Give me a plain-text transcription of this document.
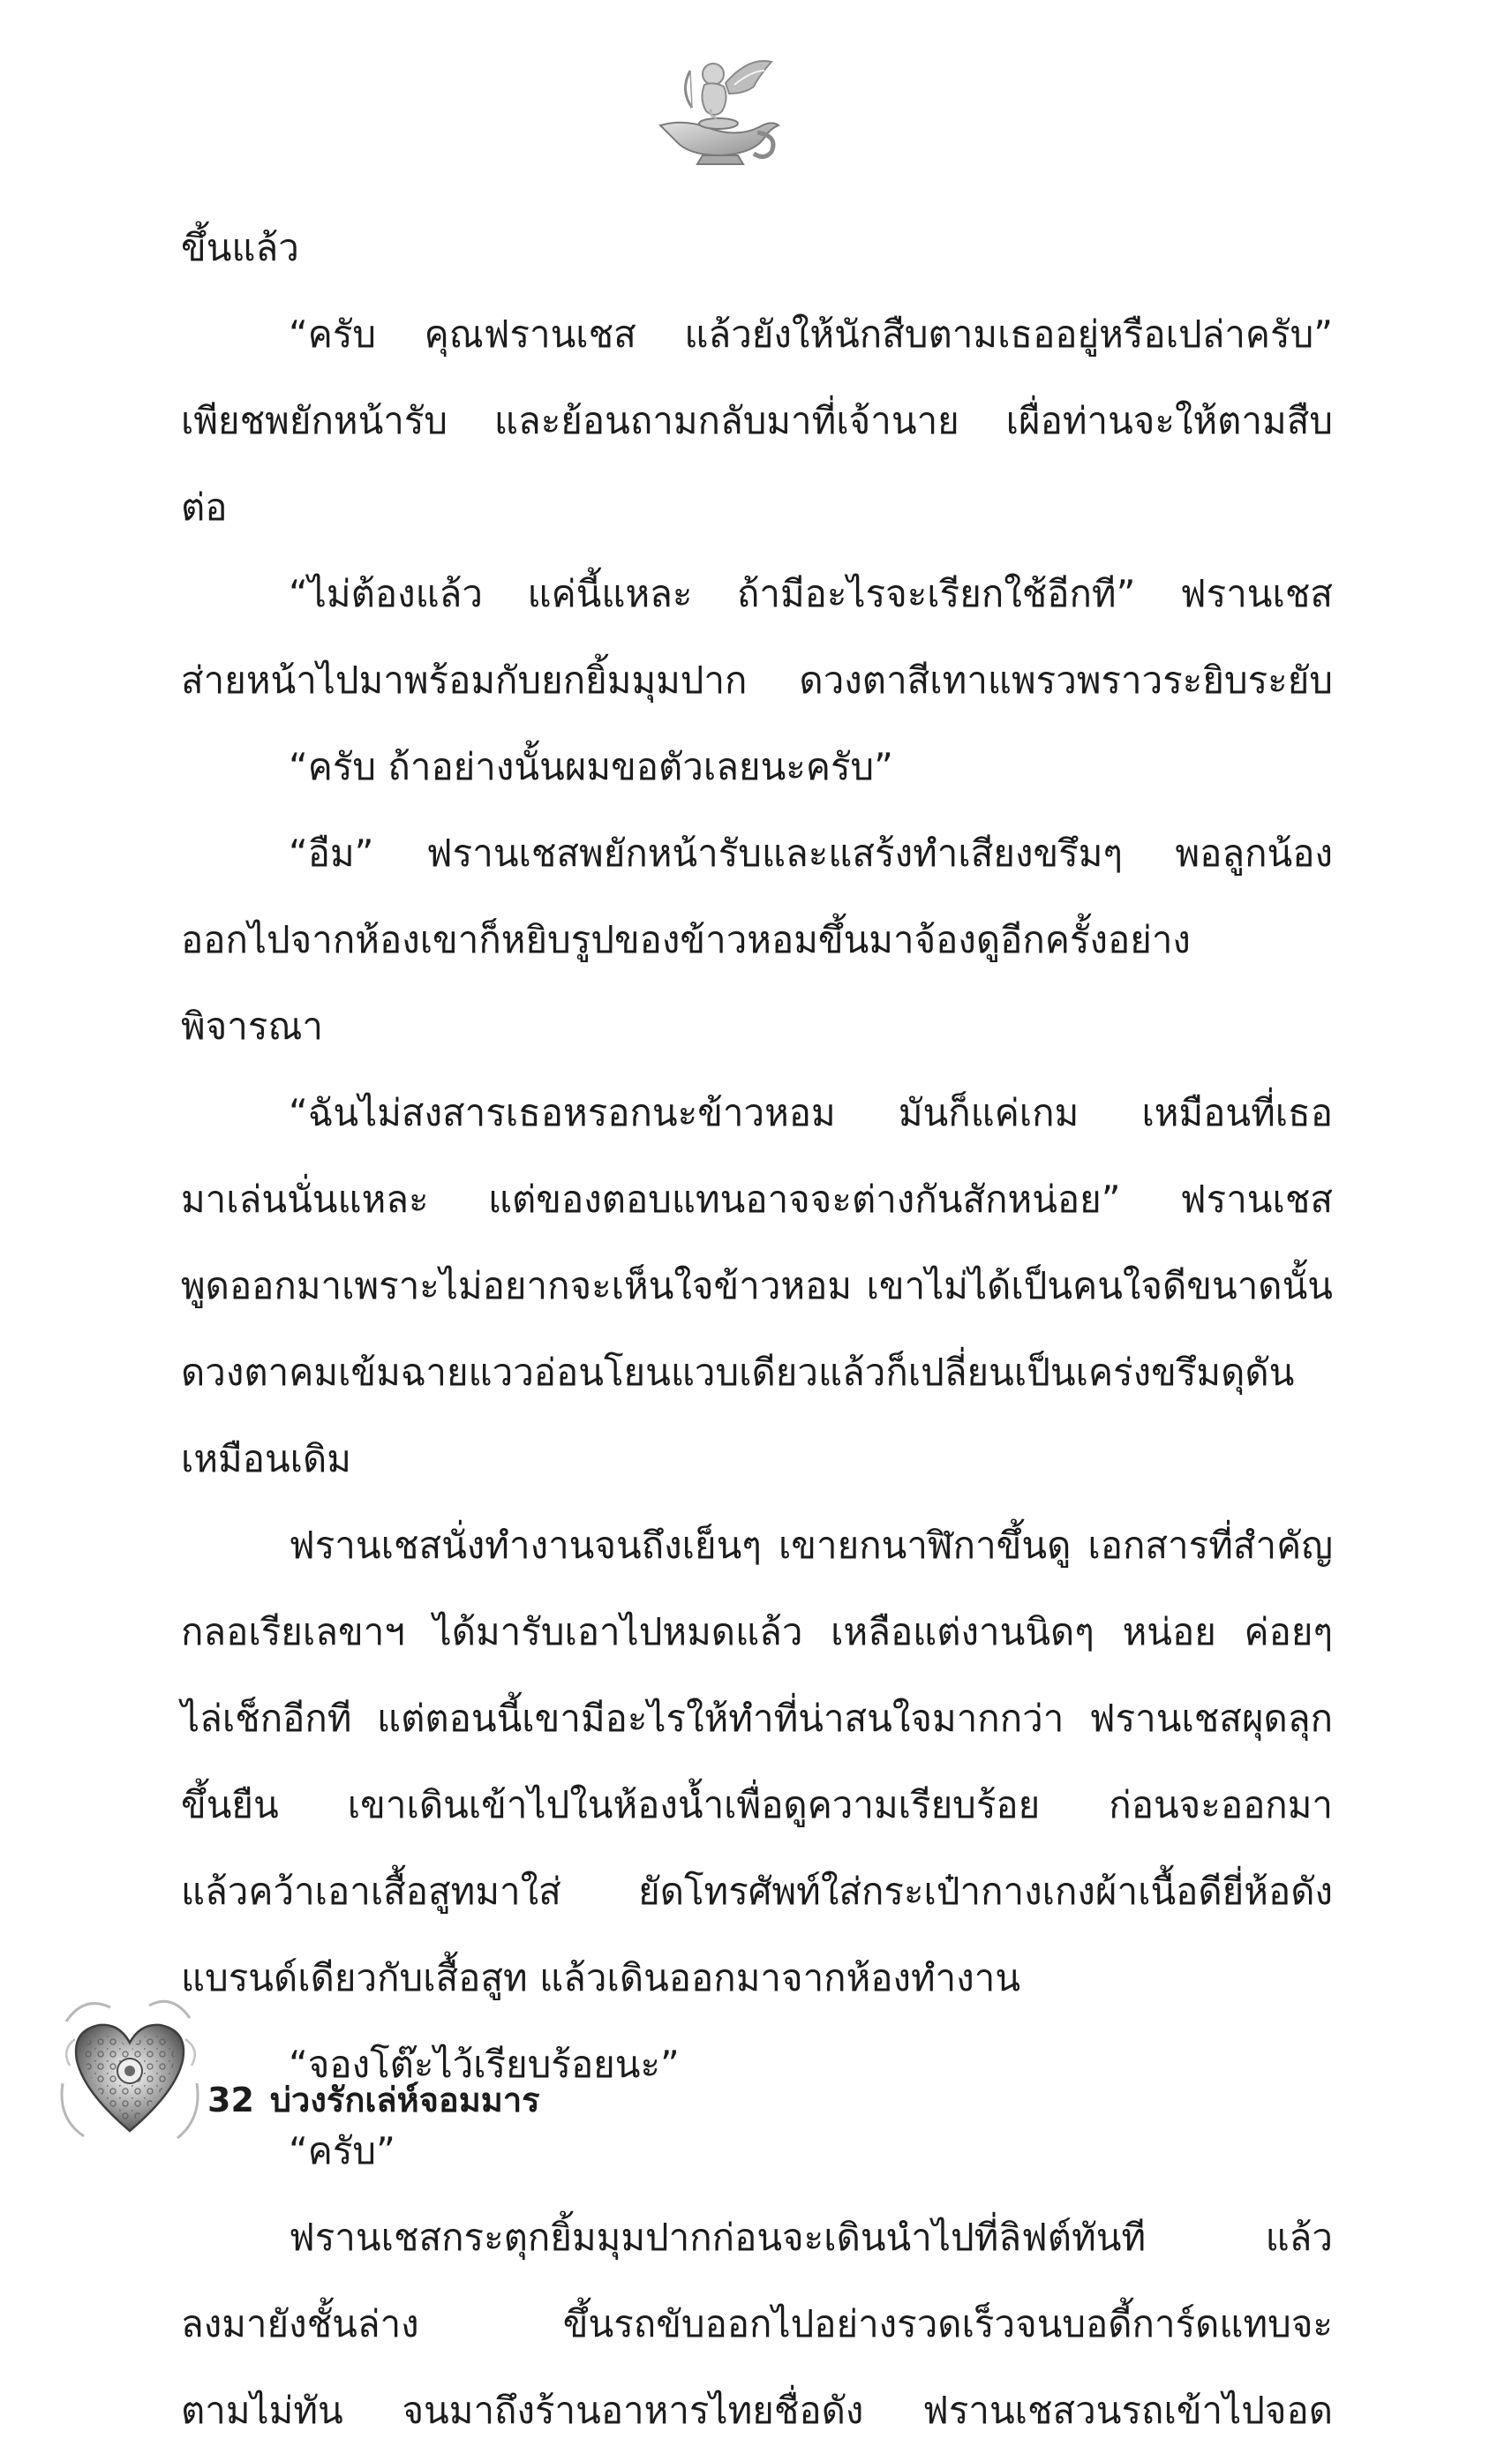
ขึ้นแล้ว
“ครับ คุณฟรานเชส แล้วยังให้นักสืบตามเธออยู่หรือเปล่าครับ”
เพียชพยักหน้ารับ และย้อนถามกลับมาที่เจ้านาย เผื่อท่านจะให้ตามสืบ
ต่อ
“ไม่ต้องแล้ว แค่นี้แหละ ถ้ามีอะไรจะเรียกใช้อีกที” ฟรานเชส
ส่ายหน้าไปมาพร้อมกับยกยิ้มมุมปาก ดวงตาสีเทาแพรวพราวระยิบระยับ
“ครับ ถ้าอย่างนั้นผมขอตัวเลยนะครับ”
“อืม” ฟรานเชสพยักหน้ารับและแสร้งทำเสียงขรึมๆ พอลูกน้อง
ออกไปจากห้องเขาก็หยิบรูปของข้าวหอมขึ้นมาจ้องดูอีกครั้งอย่าง
พิจารณา
“ฉันไม่สงสารเธอหรอกนะข้าวหอม มันก็แค่เกม เหมือนที่เธอ
มาเล่นนั่นแหละ แต่ของตอบแทนอาจจะต่างกันสักหน่อย” ฟรานเชส
พูดออกมาเพราะไม่อยากจะเห็นใจข้าวหอม เขาไม่ได้เป็นคนใจดีขนาดนั้น
ดวงตาคมเข้มฉายแววอ่อนโยนแวบเดียวแล้วก็เปลี่ยนเป็นเคร่งขรึมดุดัน
เหมือนเดิม
ฟรานเชสนั่งทำงานจนถึงเย็นๆ เขายกนาฬิกาขึ้นดู เอกสารที่สำคัญ
กลอเรียเลขาฯ ได้มารับเอาไปหมดแล้ว เหลือแต่งานนิดๆ หน่อย ค่อยๆ
ไล่เช็กอีกที แต่ตอนนี้เขามีอะไรให้ทำที่น่าสนใจมากกว่า ฟรานเชสผุดลุก
ขึ้นยืน เขาเดินเข้าไปในห้องน้ำเพื่อดูความเรียบร้อย ก่อนจะออกมา
แล้วคว้าเอาเสื้อสูทมาใส่ ยัดโทรศัพท์ใส่กระเป๋ากางเกงผ้าเนื้อดียี่ห้อดัง
แบรนด์เดียวกับเสื้อสูท แล้วเดินออกมาจากห้องทำงาน
“จองโต๊ะไว้เรียบร้อยนะ”
“ครับ”
ฟรานเชสกระตุกยิ้มมุมปากก่อนจะเดินนำไปที่ลิฟต์ทันที แล้ว
ลงมายังชั้นล่าง ขึ้นรถขับออกไปอย่างรวดเร็วจนบอดี้การ์ดแทบจะ
ตามไม่ทัน จนมาถึงร้านอาหารไทยชื่อดัง ฟรานเชสวนรถเข้าไปจอด
32 บ่วงรักเล่ห์จอมมาร
